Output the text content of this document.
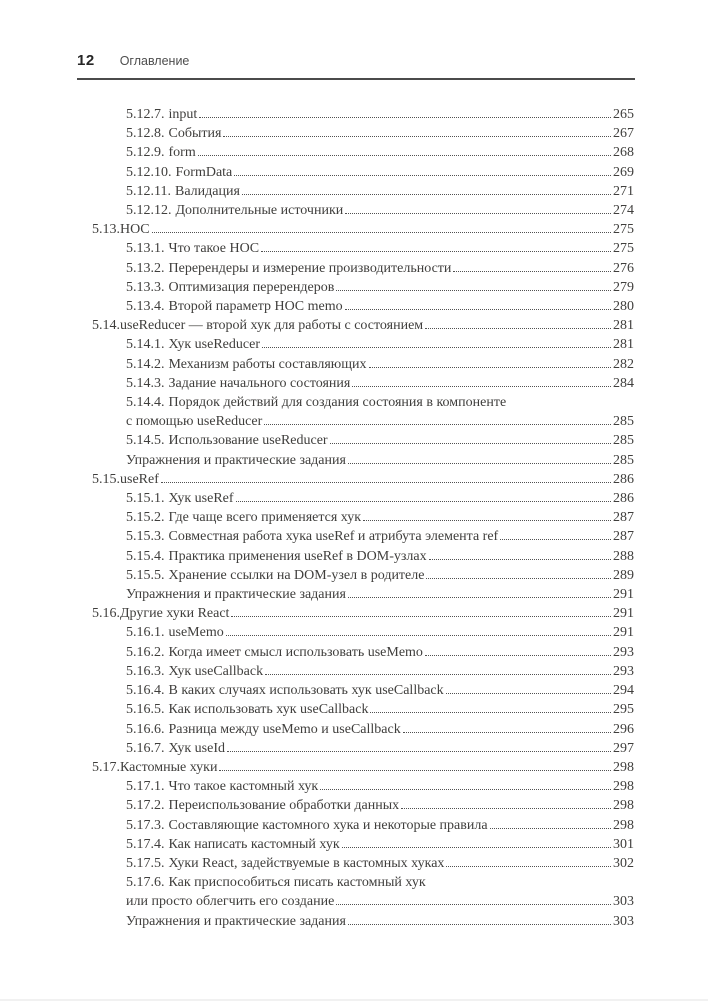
12 Оглавление
5.12.7. input	265
5.12.8. События	267
5.12.9. form	268
5.12.10. FormData	269
5.12.11. Валидация	271
5.12.12. Дополнительные источники	274
5.13. HOC	275
5.13.1. Что такое HOC	275
5.13.2. Перерендеры и измерение производительности	276
5.13.3. Оптимизация перерендеров	279
5.13.4. Второй параметр HOC memo	280
5.14. useReducer — второй хук для работы с состоянием	281
5.14.1. Хук useReducer	281
5.14.2. Механизм работы составляющих	282
5.14.3. Задание начального состояния	284
5.14.4. Порядок действий для создания состояния в компоненте
с помощью useReducer	285
5.14.5. Использование useReducer	285
Упражнения и практические задания	285
5.15. useRef	286
5.15.1. Хук useRef	286
5.15.2. Где чаще всего применяется хук	287
5.15.3. Совместная работа хука useRef и атрибута элемента ref	287
5.15.4. Практика применения useRef в DOM-узлах	288
5.15.5. Хранение ссылки на DOM-узел в родителе	289
Упражнения и практические задания	291
5.16. Другие хуки React	291
5.16.1. useMemo	291
5.16.2. Когда имеет смысл использовать useMemo	293
5.16.3. Хук useCallback	293
5.16.4. В каких случаях использовать хук useCallback	294
5.16.5. Как использовать хук useCallback	295
5.16.6. Разница между useMemo и useCallback	296
5.16.7. Хук useId	297
5.17. Кастомные хуки	298
5.17.1. Что такое кастомный хук	298
5.17.2. Переиспользование обработки данных	298
5.17.3. Составляющие кастомного хука и некоторые правила	298
5.17.4. Как написать кастомный хук	301
5.17.5. Хуки React, задействуемые в кастомных хуках	302
5.17.6. Как приспособиться писать кастомный хук
или просто облегчить его создание	303
Упражнения и практические задания	303
